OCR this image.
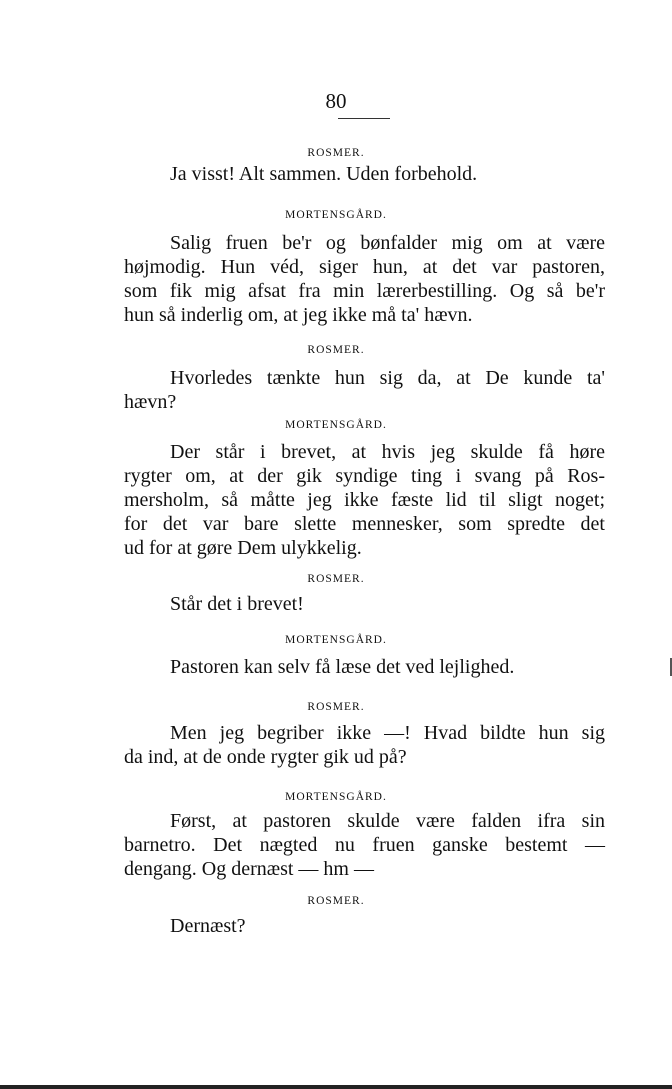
80
ROSMER.

Ja visst! Alt sammen. Uden forbehold.

MORTENSGÅRD.

Salig fruen be'r og bønfalder mig om at være
højmodig. Hun véd, siger hun, at det var pastoren,
som fik mig afsat fra min lærerbestilling. Og så be'r
hun så inderlig om, at jeg ikke må ta' hævn.

ROSMER.

Hvorledes tænkte hun sig da, at De kunde ta'
hævn?

MORTENSGÅRD.

Der står i brevet, at hvis jeg skulde få høre
rygter om, at der gik syndige ting i svang på Ros-
mersholm, så måtte jeg ikke fæste lid til sligt noget;
for det var bare slette mennesker, som spredte det
ud for at gøre Dem ulykkelig.

ROSMER.

Står det i brevet!

MORTENSGÅRD.

Pastoren kan selv få læse det ved lejlighed.

ROSMER.

Men jeg begriber ikke —! Hvad bildte hun sig
da ind, at de onde rygter gik ud på?

MORTENSGÅRD.

Først, at pastoren skulde være falden ifra sin
barnetro. Det nægted nu fruen ganske bestemt —
dengang. Og dernæst — hm —

ROSMER.

Dernæst?
